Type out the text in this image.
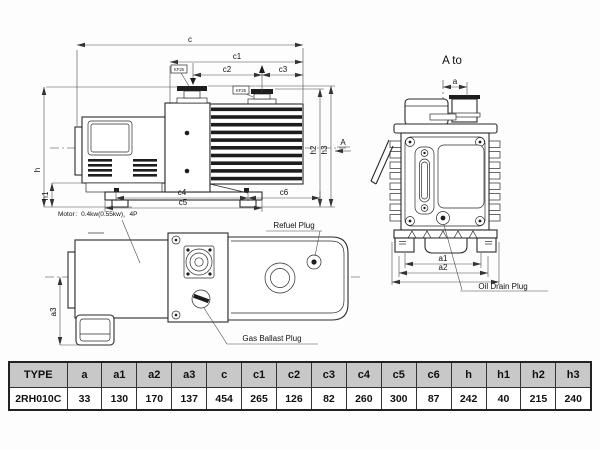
KF25
KF25
c
c1
c2	c3
h
h1
h2 h3
A
c4
c5
c6
A to
a
a1
a2
Oil Drain Plug
Motor：0.4kw(0.55kw)，4P
Refuel Plug
Gas Ballast Plug
a3
TYPE	a	a1	a2	a3	c	c1	c2	c3	c4	c5	c6	h	h1	h2	h3
2RH010C	33	130	170	137	454	265	126	82	260	300	87	242	40	215	240
